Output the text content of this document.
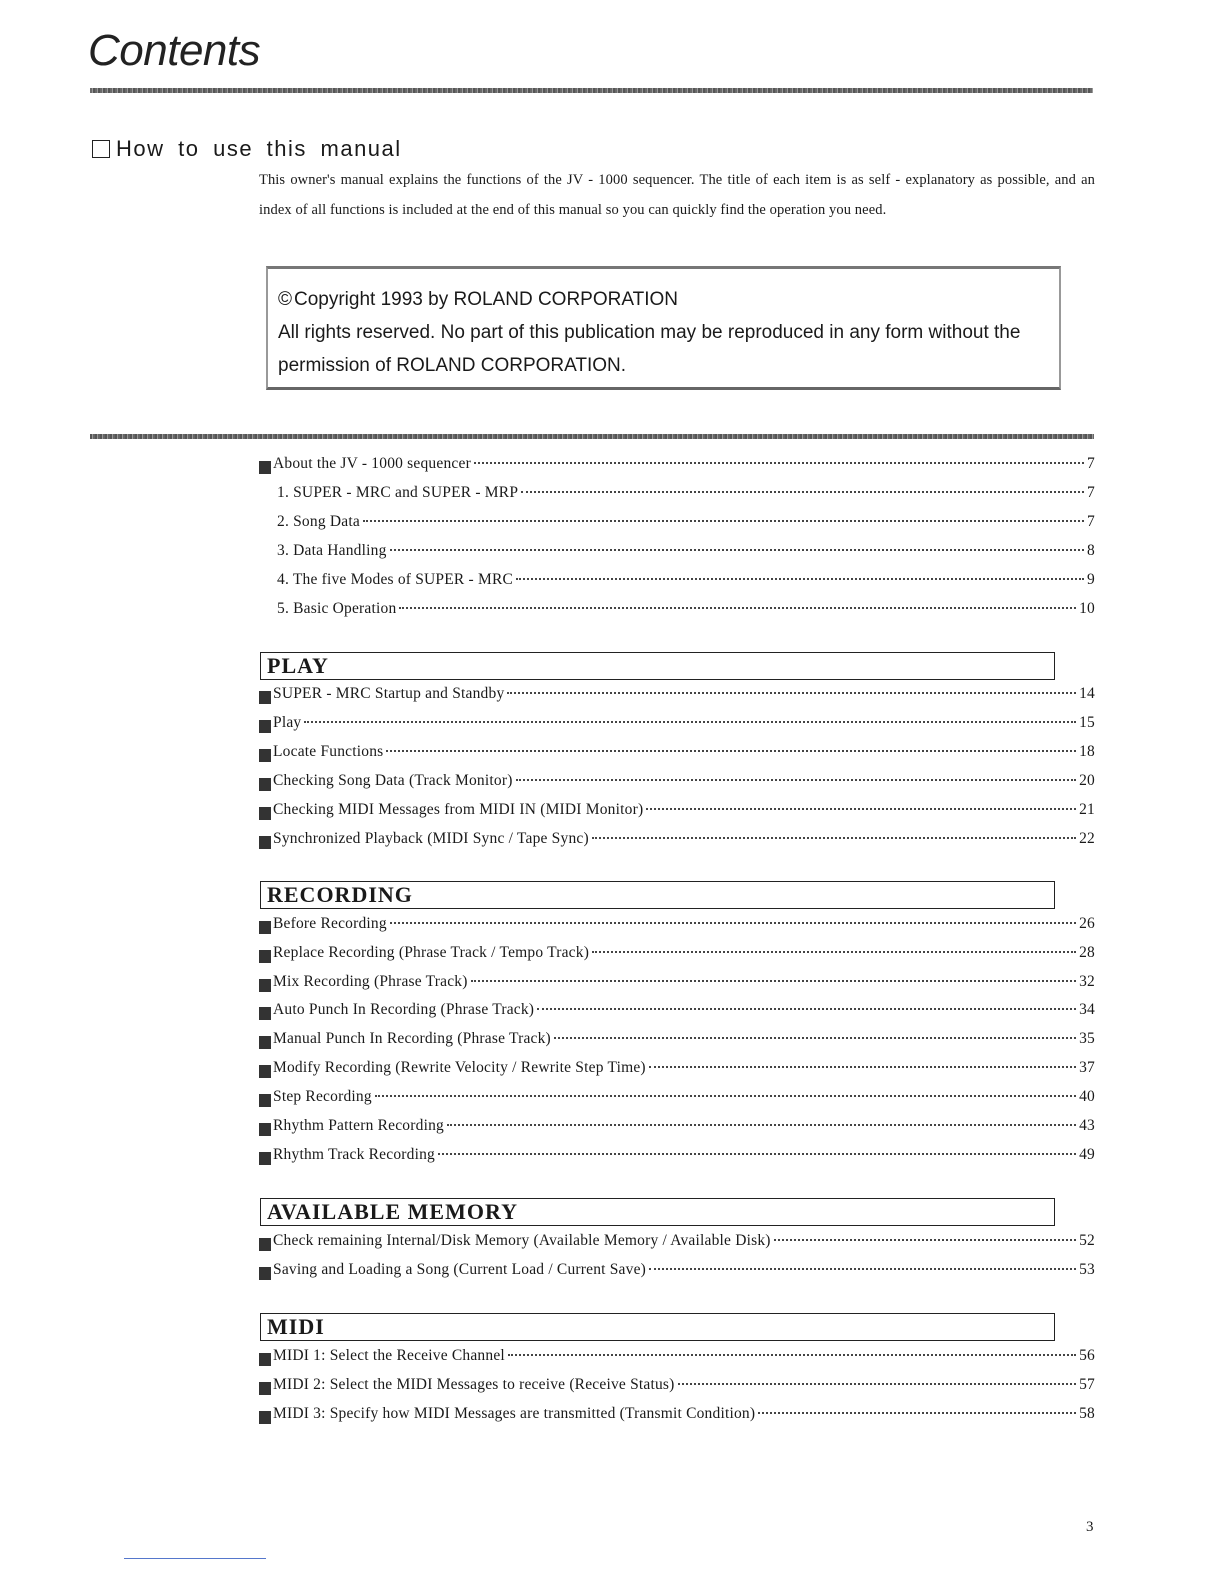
Contents
How to use this manual

This owner's manual explains the functions of the JV - 1000 sequencer. The title of each item is as self - explanatory as possible, and an index of all functions is included at the end of this manual so you can quickly find the operation you need.

© Copyright 1993 by ROLAND CORPORATION

All rights reserved. No part of this publication may be reproduced in any form without the

permission of ROLAND CORPORATION.

About the JV - 1000 sequencer	7
1. SUPER - MRC and SUPER - MRP	7
2. Song Data	7
3. Data Handling	8
4. The five Modes of SUPER - MRC	9
5. Basic Operation	10
PLAY
SUPER - MRC Startup and Standby	14
Play	15
Locate Functions	18
Checking Song Data (Track Monitor)	20
Checking MIDI Messages from MIDI IN (MIDI Monitor)	21
Synchronized Playback (MIDI Sync / Tape Sync)	22
RECORDING
Before Recording	26
Replace Recording (Phrase Track / Tempo Track)	28
Mix Recording (Phrase Track)	32
Auto Punch In Recording (Phrase Track)	34
Manual Punch In Recording (Phrase Track)	35
Modify Recording (Rewrite Velocity / Rewrite Step Time)	37
Step Recording	40
Rhythm Pattern Recording	43
Rhythm Track Recording	49
AVAILABLE MEMORY
Check remaining Internal/Disk Memory (Available Memory / Available Disk)	52
Saving and Loading a Song (Current Load / Current Save)	53
MIDI
MIDI 1: Select the Receive Channel	56
MIDI 2: Select the MIDI Messages to receive (Receive Status)	57
MIDI 3: Specify how MIDI Messages are transmitted (Transmit Condition)	58
3
